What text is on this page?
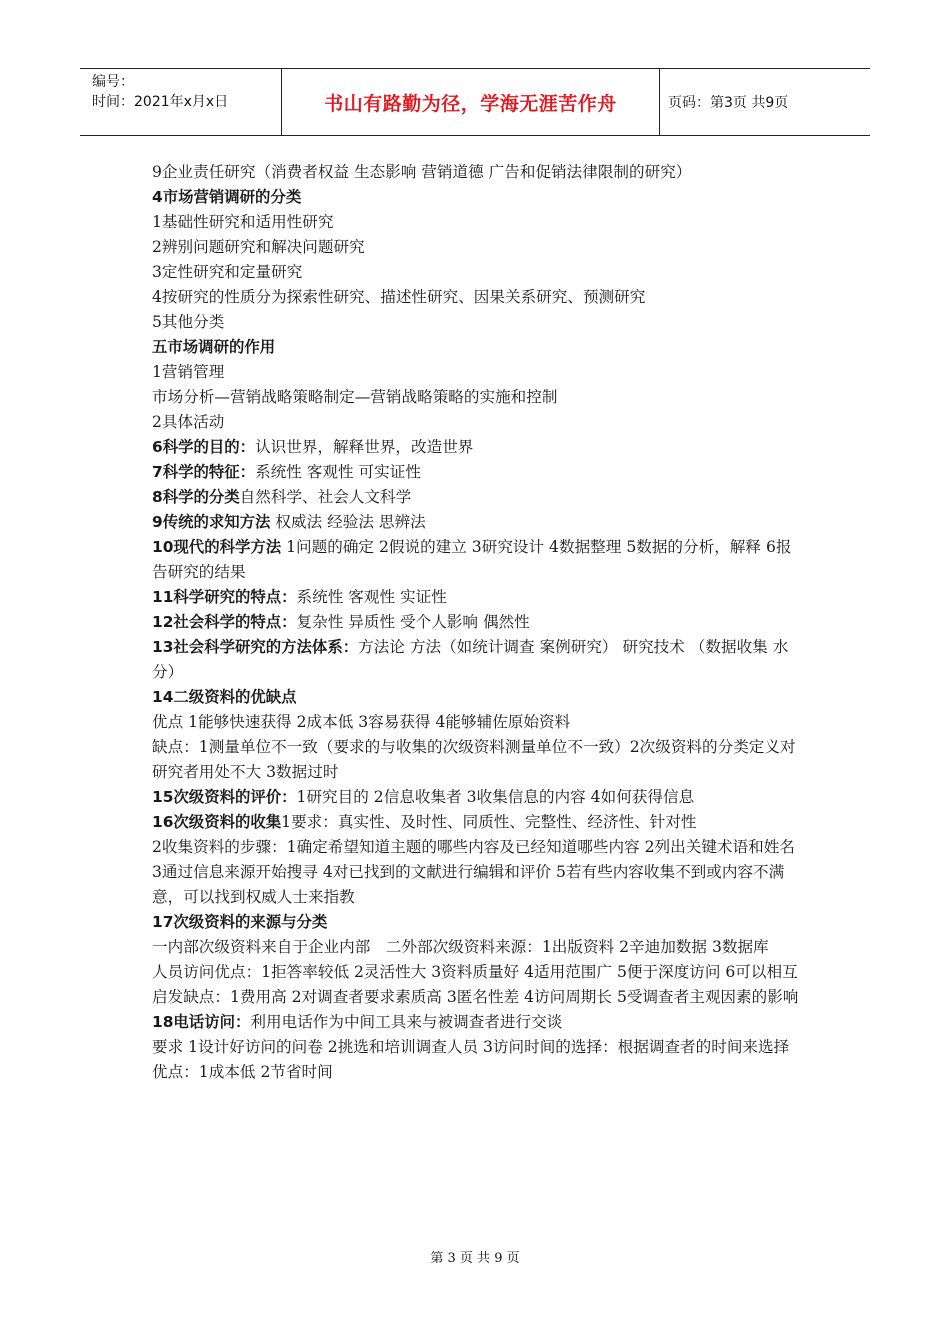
编号：
时间：2021年x月x日	书山有路勤为径，学海无涯苦作舟	页码：第3页 共9页

9企业责任研究（消费者权益 生态影响 营销道德 广告和促销法律限制的研究）

4市场营销调研的分类

1基础性研究和适用性研究

2辨别问题研究和解决问题研究

3定性研究和定量研究

4按研究的性质分为探索性研究、描述性研究、因果关系研究、预测研究

5其他分类

五市场调研的作用

1营销管理

市场分析—营销战略策略制定—营销战略策略的实施和控制

2具体活动

6科学的目的：认识世界，解释世界，改造世界

7科学的特征：系统性 客观性 可实证性

8科学的分类自然科学、社会人文科学

9传统的求知方法 权威法 经验法 思辨法

10现代的科学方法 1问题的确定 2假说的建立 3研究设计 4数据整理 5数据的分析，解释 6报告研究的结果

11科学研究的特点：系统性 客观性 实证性

12社会科学的特点：复杂性 异质性 受个人影响 偶然性

13社会科学研究的方法体系：方法论 方法（如统计调查 案例研究） 研究技术 （数据收集 水分）

14二级资料的优缺点

优点 1能够快速获得 2成本低 3容易获得 4能够辅佐原始资料

缺点：1测量单位不一致（要求的与收集的次级资料测量单位不一致）2次级资料的分类定义对研究者用处不大 3数据过时

15次级资料的评价：1研究目的 2信息收集者 3收集信息的内容 4如何获得信息

16次级资料的收集1要求：真实性、及时性、同质性、完整性、经济性、针对性

2收集资料的步骤：1确定希望知道主题的哪些内容及已经知道哪些内容 2列出关键术语和姓名 3通过信息来源开始搜寻 4对已找到的文献进行编辑和评价 5若有些内容收集不到或内容不满意，可以找到权威人士来指教

17次级资料的来源与分类

一内部次级资料来自于企业内部　二外部次级资料来源：1出版资料 2辛迪加数据 3数据库

人员访问优点：1拒答率较低 2灵活性大 3资料质量好 4适用范围广 5便于深度访问 6可以相互启发缺点：1费用高 2对调查者要求素质高 3匿名性差 4访问周期长 5受调查者主观因素的影响

18电话访问：利用电话作为中间工具来与被调查者进行交谈

要求 1设计好访问的问卷 2挑选和培训调查人员 3访问时间的选择：根据调查者的时间来选择

优点：1成本低 2节省时间

第 3 页 共 9 页
